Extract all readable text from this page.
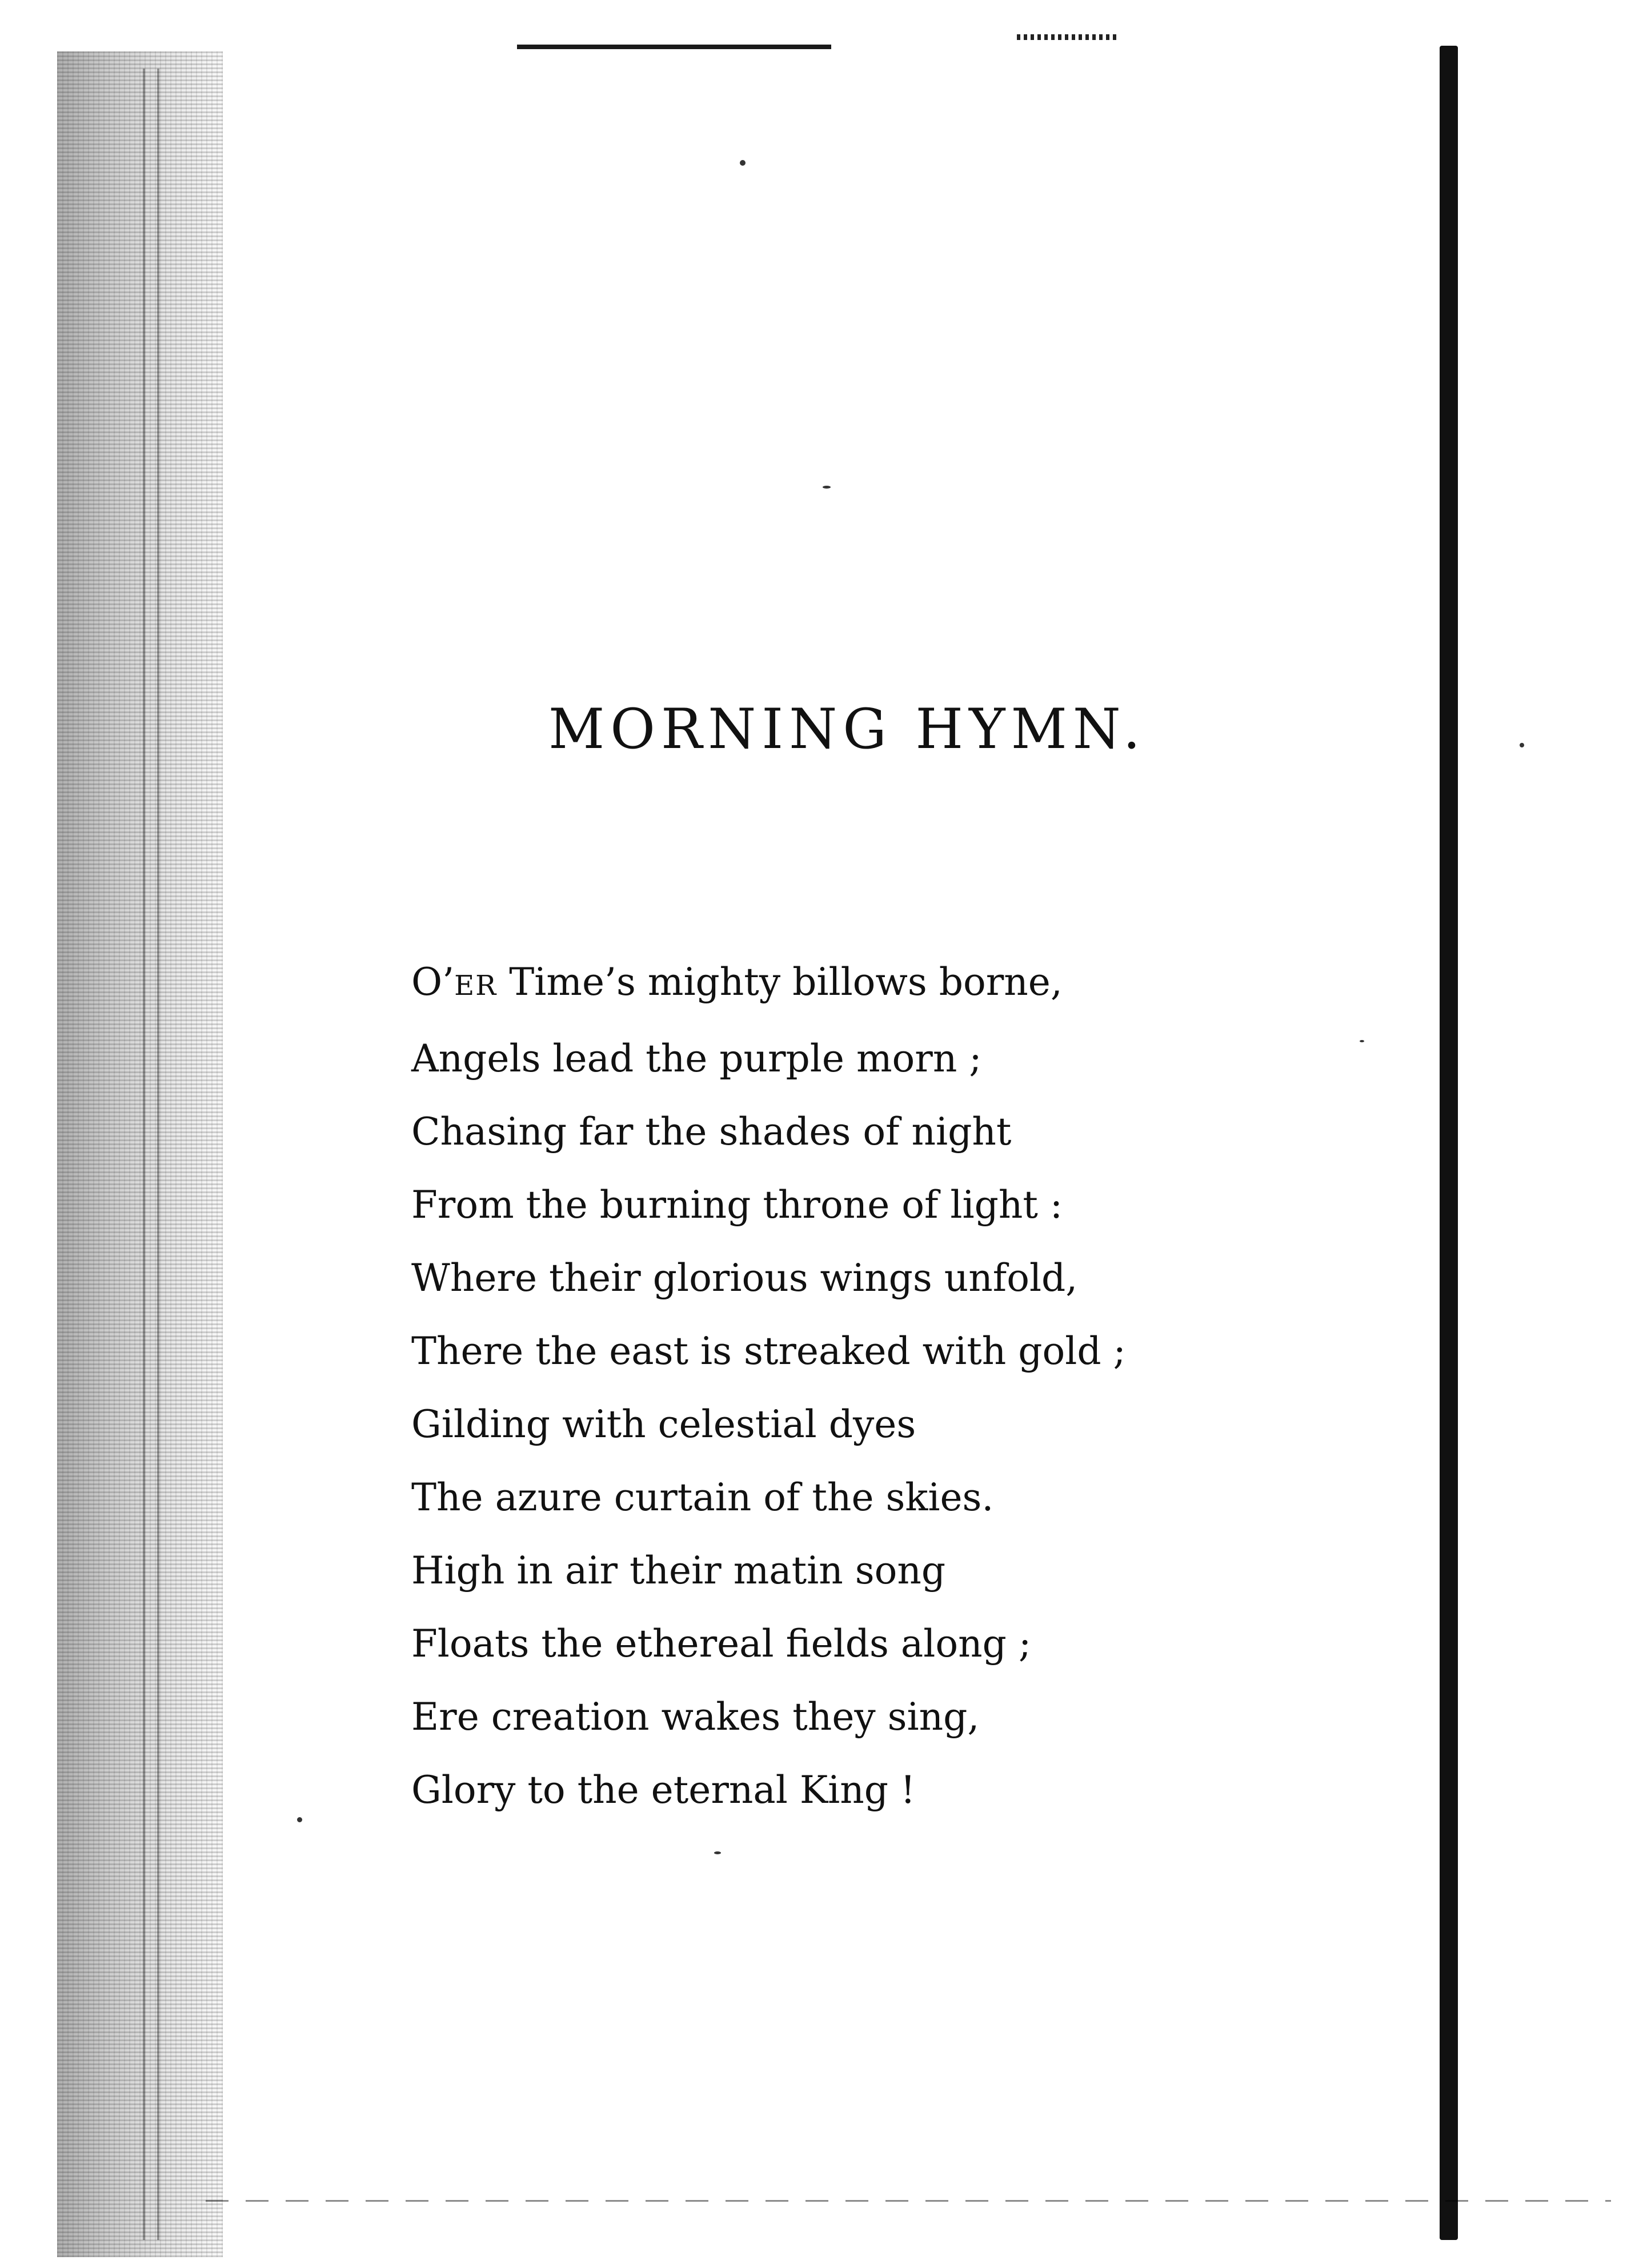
MORNING HYMN.
O’ER Time’s mighty billows borne,
Angels lead the purple morn ;
Chasing far the shades of night
From the burning throne of light :
Where their glorious wings unfold,
There the east is streaked with gold ;
Gilding with celestial dyes
The azure curtain of the skies.
High in air their matin song
Floats the ethereal fields along ;
Ere creation wakes they sing,
Glory to the eternal King !
